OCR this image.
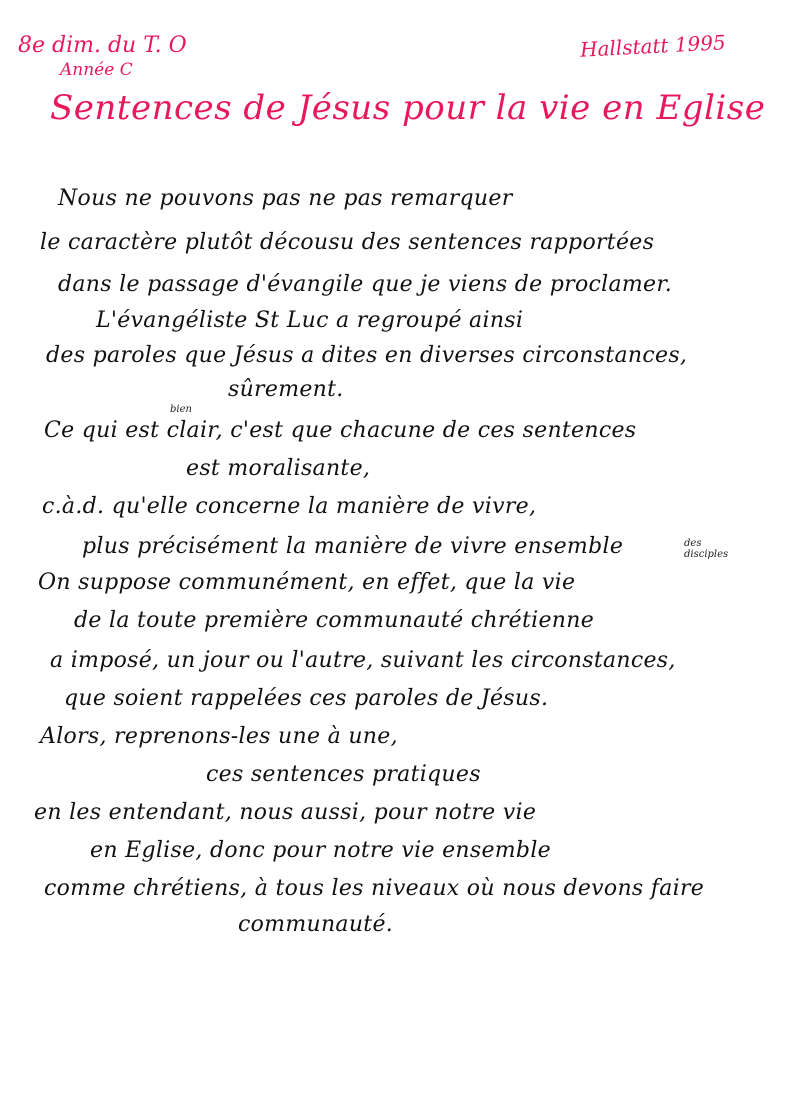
8e dim. du T. O
Année C
Hallstatt 1995
Sentences de Jésus pour la vie en Eglise
Nous ne pouvons pas ne pas remarquer
le caractère plutôt décousu des sentences rapportées
dans le passage d'évangile que je viens de proclamer.
L'évangéliste St Luc a regroupé ainsi
des paroles que Jésus a dites en diverses circonstances,
sûrement.
bien
Ce qui est clair, c'est que chacune de ces sentences
est moralisante,
c.à.d. qu'elle concerne la manière de vivre,
plus précisément la manière de vivre ensemble	des disciples
On suppose communément, en effet, que la vie
de la toute première communauté chrétienne
a imposé, un jour ou l'autre, suivant les circonstances,
que soient rappelées ces paroles de Jésus.
Alors, reprenons-les une à une,
ces sentences pratiques
en les entendant, nous aussi, pour notre vie
en Eglise, donc pour notre vie ensemble
comme chrétiens, à tous les niveaux où nous devons faire
communauté.
